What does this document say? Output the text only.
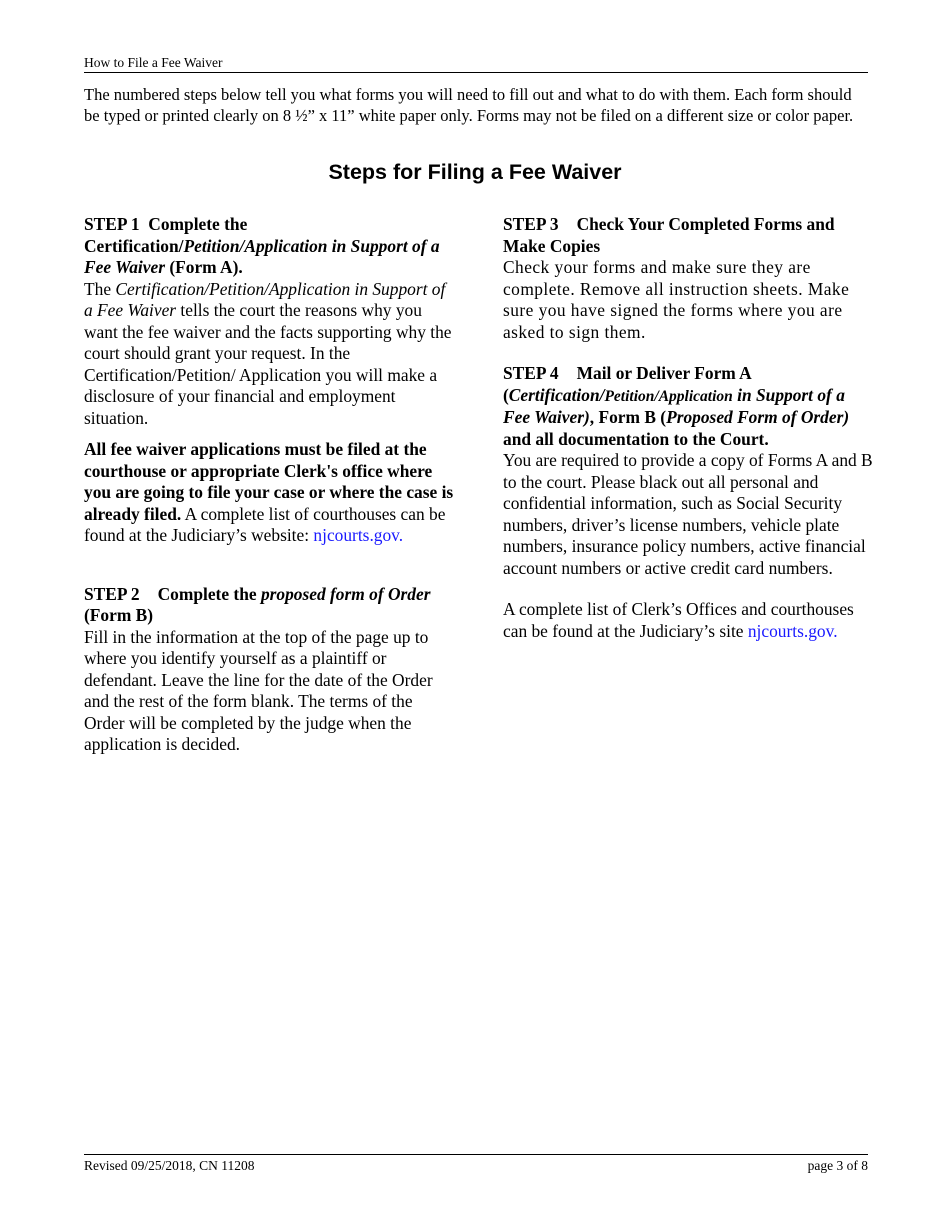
How to File a Fee Waiver

The numbered steps below tell you what forms you will need to fill out and what to do with them. Each form should be typed or printed clearly on 8 ½” x 11” white paper only. Forms may not be filed on a different size or color paper.

Steps for Filing a Fee Waiver

STEP 1 Complete the Certification/Petition/Application in Support of a Fee Waiver (Form A).

The Certification/Petition/Application in Support of a Fee Waiver tells the court the reasons why you want the fee waiver and the facts supporting why the court should grant your request. In the Certification/Petition/ Application you will make a disclosure of your financial and employment situation.

All fee waiver applications must be filed at the courthouse or appropriate Clerk's office where you are going to file your case or where the case is already filed. A complete list of courthouses can be found at the Judiciary’s website: njcourts.gov.

STEP 2 Complete the proposed form of Order (Form B)

Fill in the information at the top of the page up to where you identify yourself as a plaintiff or defendant. Leave the line for the date of the Order and the rest of the form blank. The terms of the Order will be completed by the judge when the application is decided.

STEP 3 Check Your Completed Forms and Make Copies

Check your forms and make sure they are complete. Remove all instruction sheets. Make sure you have signed the forms where you are asked to sign them.

STEP 4 Mail or Deliver Form A (Certification/Petition/Application in Support of a Fee Waiver), Form B (Proposed Form of Order) and all documentation to the Court.

You are required to provide a copy of Forms A and B to the court. Please black out all personal and confidential information, such as Social Security numbers, driver’s license numbers, vehicle plate numbers, insurance policy numbers, active financial account numbers or active credit card numbers.

A complete list of Clerk’s Offices and courthouses can be found at the Judiciary’s site njcourts.gov.

Revised 09/25/2018, CN 11208	page 3 of 8
